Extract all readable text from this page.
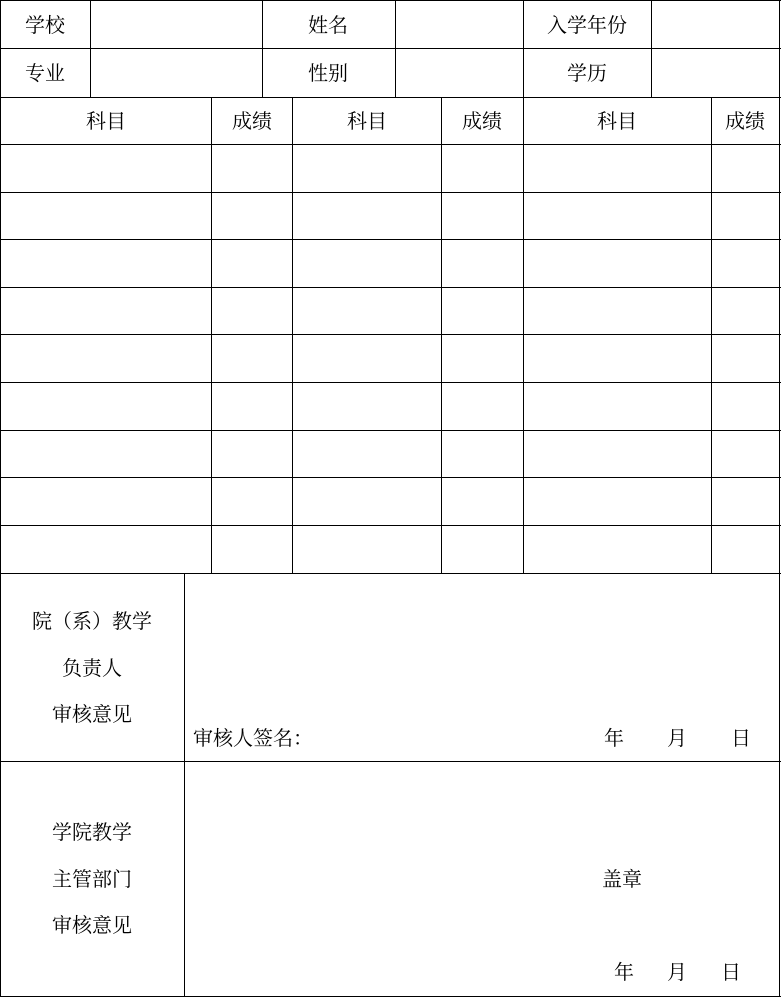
学校	姓名	入学年份
专业	性别	学历
科目	成绩	科目	成绩	科目	成绩
院（系）教学
负责人
审核意见
审核人签名：	年 月 日
学院教学
主管部门
审核意见
盖章
年 月 日
